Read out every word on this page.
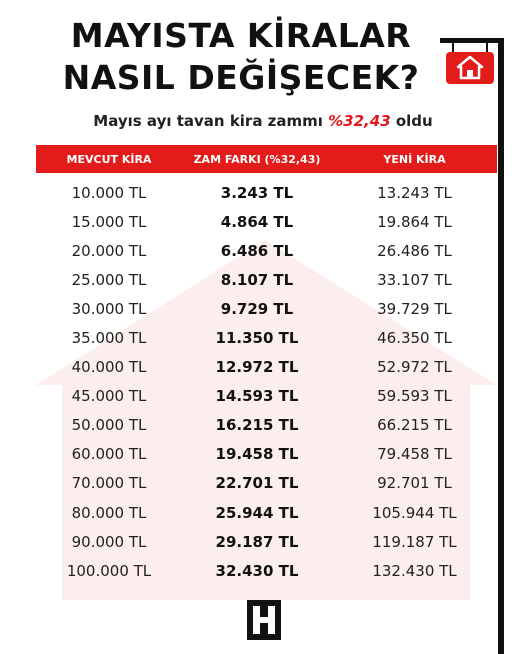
MAYISTA KİRALAR
NASIL DEĞİŞECEK?
Mayıs ayı tavan kira zammı %32,43 oldu
MEVCUT KİRA	ZAM FARKI (%32,43)	YENİ KİRA
10.000 TL	3.243 TL	13.243 TL
15.000 TL	4.864 TL	19.864 TL
20.000 TL	6.486 TL	26.486 TL
25.000 TL	8.107 TL	33.107 TL
30.000 TL	9.729 TL	39.729 TL
35.000 TL	11.350 TL	46.350 TL
40.000 TL	12.972 TL	52.972 TL
45.000 TL	14.593 TL	59.593 TL
50.000 TL	16.215 TL	66.215 TL
60.000 TL	19.458 TL	79.458 TL
70.000 TL	22.701 TL	92.701 TL
80.000 TL	25.944 TL	105.944 TL
90.000 TL	29.187 TL	119.187 TL
100.000 TL	32.430 TL	132.430 TL
